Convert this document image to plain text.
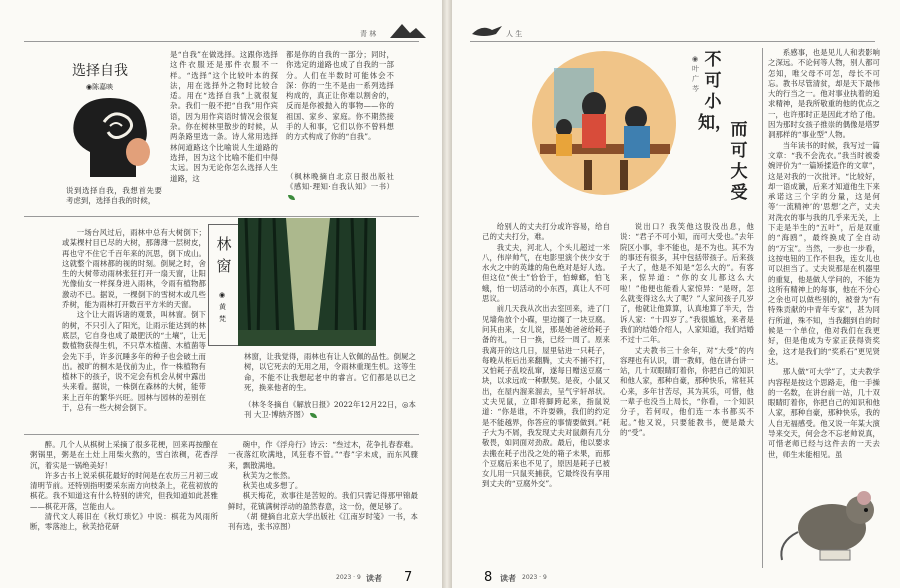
青 林
选择自我
◉陈嘉映
说到选择自我，我想首先要考虑到，选择自我的时候，
是“自我”在做选择。这跟你选择这件衣服还是那件衣服不一样。“选择”这个比较叶本的探法，用在选择外之物时比较合适。用在“选择自我”上就很复杂。我们一般不把“自我”用作宾语，因为用作宾语时情况会很复杂。你在树林里散步的时候，从两条路里选一条。诗人常用选择林间道路这个比喻说人生道路的选择，因为这个比喻不能们中得太远。因为无论你怎么选择人生道路，这
都是你的自我的一部分；同时，你选定的道路也成了自我的一部分。人们在半数时可能体会不深：你的一生不是由一系列选择构成的，真正让你难以割舍的，反而是你被抛入的事物——你的祖国、家乡、家庭。你不期然接手的人和事，它们以你不曾料想的方式构成了你的“自我”。
（枫林晚摘自北京日报出版社《感知·理知·自我认知》一书）

一场台风过后，雨林中总有大树倒下；或某棵村目已尽的大树，那薄薄一层树皮，再也守不住它千百年来的沉思，倒下成山。这就整个雨林都的视的时刻。倒屍之时，舍生的大树带动雨林张狂打开一扇天窗，让阳光像仙女一样探身进入雨林，令雨有植物都激动不已。据说，一棵倒下的雪树木或几些乔树，能为雨林打开数百平方米的天窗。

这个让大雨诉诸的观景，叫林窗。倒下的树，不只引入了阳光，让雨示能达到的林底层，它自身也成了最肥沃的“土壤”，让无数植物获得生机，不只草木植菌、木植菌等会先下手，许多沉睡多年的种子也会破土而出。被旷的桐木是伐前为止，作一株植物有植林下的孩子，说不定会有机会从树中露出头来看。据说，一株倒在森林的大树，能带来上百年的繁华兴旺。园林与园林的差别在于，总有一些大树会倒下。

林 窗
◉黄 梵
林窗，让我觉得，雨林也有让人钦佩的品性。倒屍之树，以它死去的无用之用，令雨林重现生机。这等生命，不能不让我想起老中的睿言。它们都是以已之死，换来他者的生。
（林冬冬摘自《解放日报》2022年12月22日，◎本刊 大卫·博纳齐图）

醉。几个人从棋树上采摘了很多花梗，回来再按酿在粥锅里，粥是在土灶上用柴火熬的，雪白浓稠，花香浮沉，着实是一锅绝美好！

许多古书上说采棋花最好的时间是在农历三月初三或清明节前。还特别指明要采东南方向枝条上，花苞初放的棋花。我不知道这有什么特别的讲究，但我知道如此甚雅——棋花开落，岂能由人。

清代文人蒋旧在《秋灯琐忆》中说：棋花为风雨所断，零落池上，秋芙拾花研

碗中，作《浮舟行》诗云：“叁过木，花争扎春春难。一夜落红吹满地，风狂春不管。”“春”字未成，而东风骤来，飘散满地。

秋芙为之怅然。

秋芙也成多想了。

棋天梅花，欢事往是苦短的。我们只需记得那甲锦最鲜时，花镇满树浮动的盈然春意，这一份，便足够了。

（胡 健摘自北京大学出版社《江南岁时笺》一书，本刊有选，张书凉图）

2023 · 9 读者 7
人 生
不可小知，
而可大受
◉叶广芩

系感事，也是见儿人和表影响之深远。不论何等人物，别人都可怎知，唯父母不可怎，母长不可忘。教书尽管清贫，却是天下最伟大的行当之一。他对事业执着的追求精神，是我所敬重的他的优点之一，也许那时正是因此才给了他。因为那时女孩子推崇的偶像是塔罗洞那样的“事业型”人物。

当年读书的时候，我写过一篇文章：“我不会洗衣。”我当时被委婉评价为“一篇矫揉造作的文章”，这是对我的一次批评。“比较好，却一语成谶，后来才知道他生下来承诺这三个字的分量，这是何等‘一流精神’的‘思想’之产，丈夫对洗衣的事与我的几乎来无关，上下走是半生的“五叶”，后是双重的“海鸥”，最终换成了全自动的“万宝”。当然，一步也一步看，这按电钮的工作不但我，连女儿也可以担当了。丈夫说那是在机器里的重复，他是做人学问的，不能为这所有精神上的每事，他在不分心之余也可以做些别的，被誉为“有特殊贡献的中青年专家”，甚为同行所道，殊不知，当我翻到自的时候是一个单位，他对我们在我更好，但是他成为专家正获得资奖金，这才是我们的“奖系石”更见贤达。

那人做“可大学”了，丈夫教学内容程是按这个思路走，他一手操的一名数，在讲台前一站，几十双眼睛盯着你，你把自己的知识和他人家，那种自豪，那种快乐，我的人自无福感受。他又说一年某大演导来交天，何会念不忘老帅说真，可惜老师已经与这件去的一天去世，师生未能相见。虽

给别人的丈夫打分或许容易，给自己的丈夫打分，难。

我丈夫，河北人，个头儿超过一米八，伟岸帅气，在电影里演个侠少女于水火之中的英雄的角色绝对是好人选。但这位“侠士”恰恰于，怕蟑螂，怕飞蛾，怕一切活动的小东西，真让人不可思议。

前几天我从次出去室回来，进了门见墙角放个小碟，里边搁了一块豆腐。问其由来，女儿说，那是她爸爸给耗子备的礼，一日一换，已经一周了。原来我离开的这几日，屋里钻进一只耗子，每晚从柜后出来翻腾，丈夫不捕不打，又怕耗子乱咬乱窜，遂每日赠送豆腐一块，以求远成一种默契。是夜，小鼠又出，在屋内溜来溜去，呈气宇轩昂状。丈夫见鼠，立即将脚跨起来，指鼠说道：“你是谁，不许耍赖，我们的约定是不能越界，你答应的事情要做到。”耗子大为不屑，我发现丈夫对鼠颇有几分敬畏，如同面对劲敌。最后，他以要求去搬在耗子出没之处的箱子未果，而那个豆腐后来也不见了，原因是耗子已被女儿用一只鼠夹捕获，它最终没有享用到丈夫的“豆腐外交”。

说出口？我笑他这股没出息，他说：“君子不可小知，而可大受也。”去年院区小事，非不能也，是不为也。其不为的事还有很多，其中包括带孩子。后来孩子大了，他是不知是“怎么大的”。有客来，惊异道：“你的女儿都这么大啦！”他便也能看人家惊异：“是呀，怎么就变得这么大了呢？”人家问孩子几岁了，他就让他算算，认真地算了半天，告诉人家：“十四岁了。”我很尴尬，来者是我们的结婚介绍人，人家知道，我们结婚不过十二年。

丈夫教书三十余年，对“大受”的内容理也有认识，谓一教师，他在讲台讲一站，几十双眼睛盯着你，你把自己的知识和他人家，那种自豪，那种快乐，常驻其心来，多年甘苦尽，其为其乐，可惜，他一辈子也没当上局长，“你看，一个知识分子，若何叹，他们连一本书都买不起。”他又说，只要能教书，便是最大的“受”。

8 读者 2023 · 9
